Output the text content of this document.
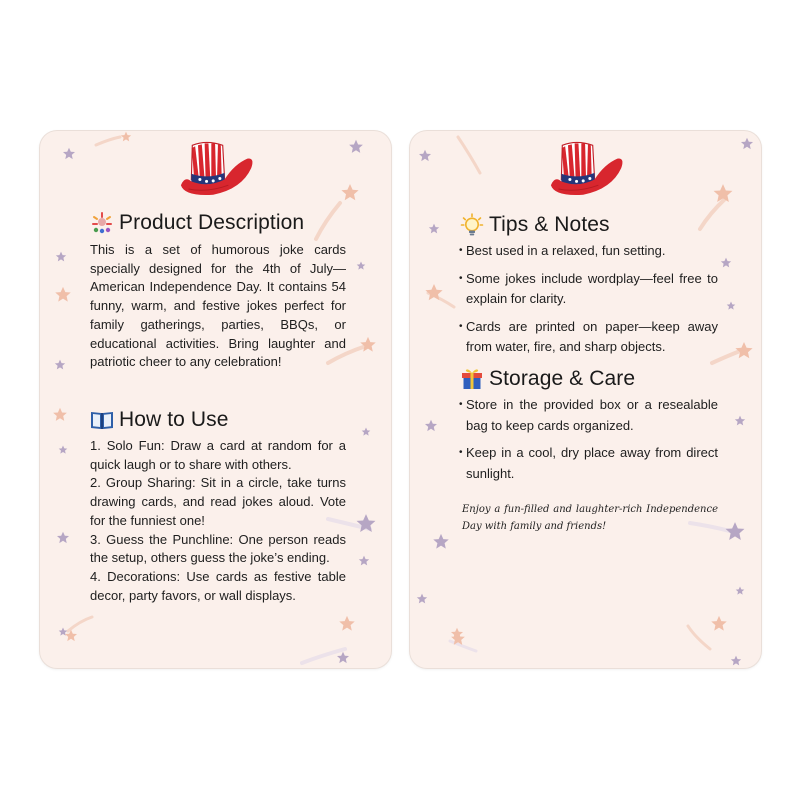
Product Description

This is a set of humorous joke cards specially designed for the 4th of July—American Independence Day. It contains 54 funny, warm, and festive jokes perfect for family gatherings, parties, BBQs, or educational activities. Bring laughter and patriotic cheer to any celebration!

How to Use

1. Solo Fun: Draw a card at random for a quick laugh or to share with others.

2. Group Sharing: Sit in a circle, take turns drawing cards, and read jokes aloud. Vote for the funniest one!

3. Guess the Punchline: One person reads the setup, others guess the joke’s ending.

4. Decorations: Use cards as festive table decor, party favors, or wall displays.

Tips & Notes
• Best used in a relaxed, fun setting.
• Some jokes include wordplay—feel free to explain for clarity.
• Cards are printed on paper—keep away from water, fire, and sharp objects.
Storage & Care
• Store in the provided box or a resealable bag to keep cards organized.
• Keep in a cool, dry place away from direct sunlight.
Enjoy a fun-filled and laughter-rich Independence Day with family and friends!
